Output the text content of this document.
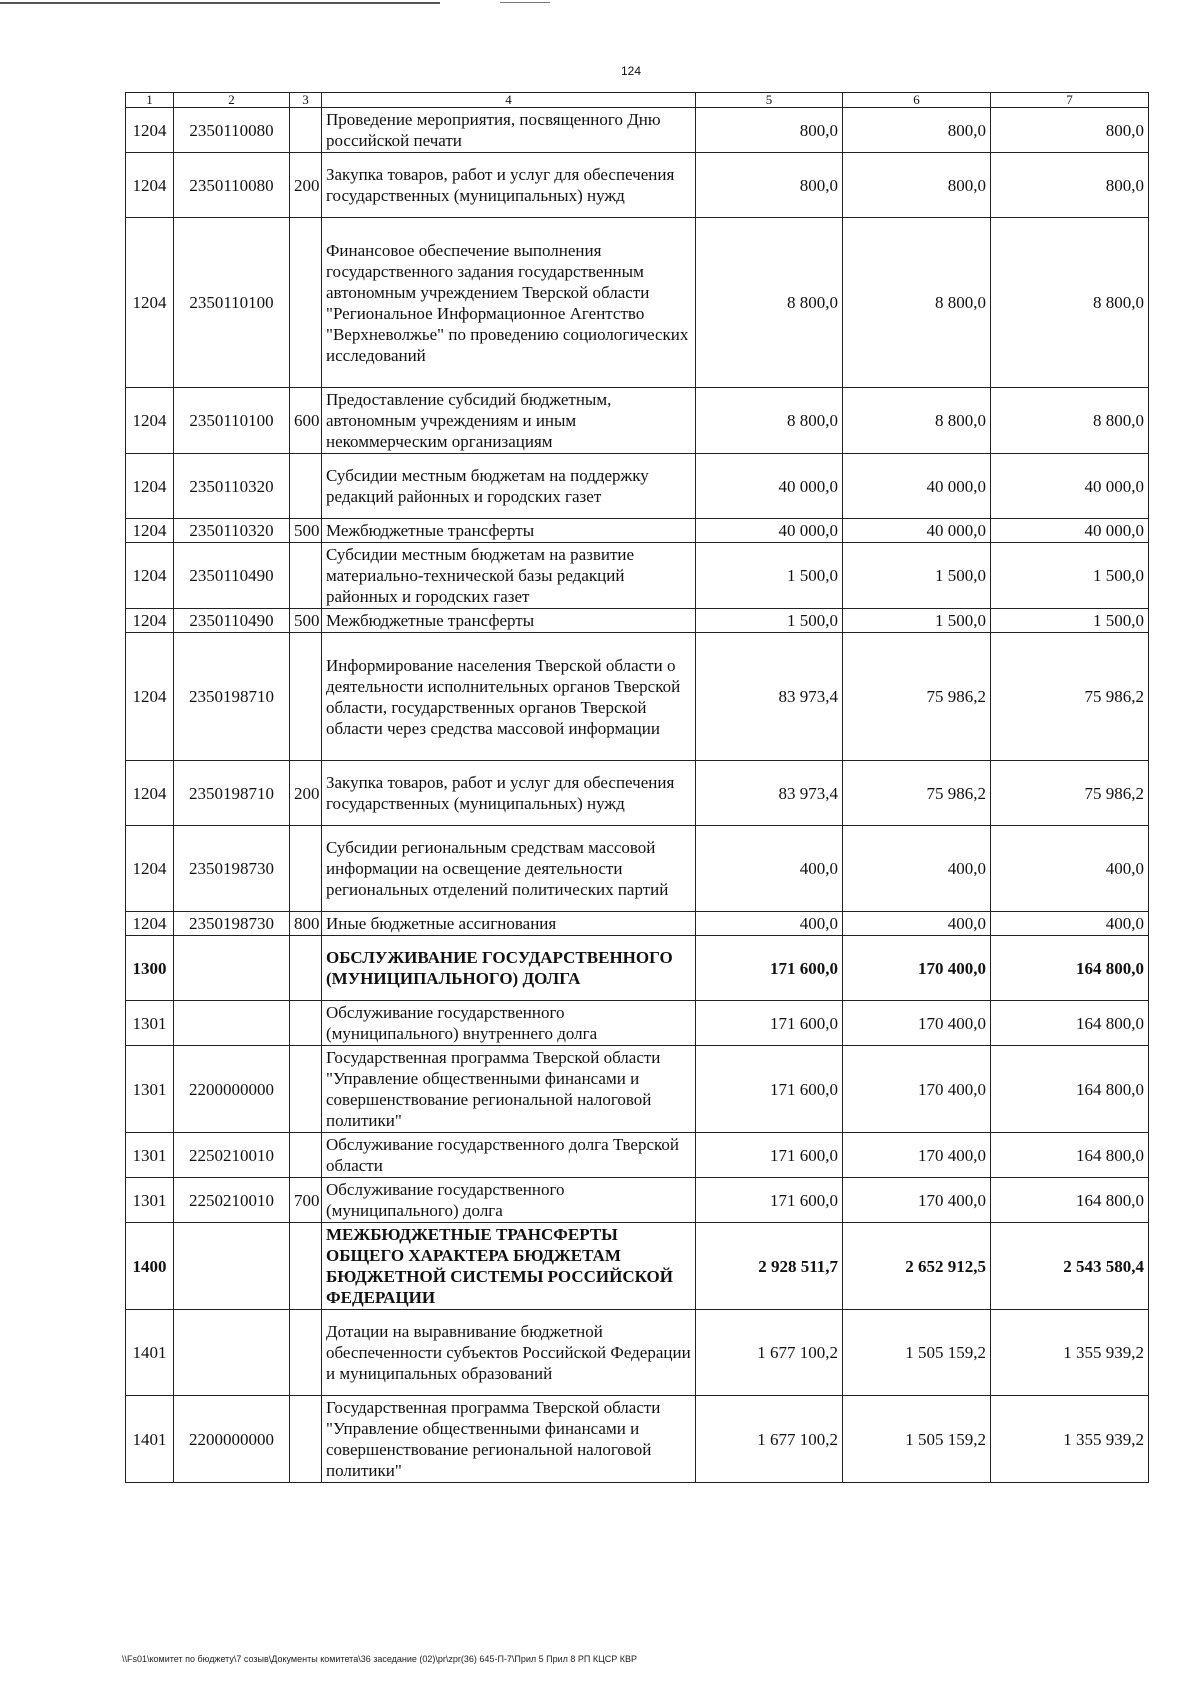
124
1	2	3	4	5	6	7
1204	2350110080		Проведение мероприятия, посвященного Дню российской печати	800,0	800,0	800,0
1204	2350110080	200	Закупка товаров, работ и услуг для обеспечения государственных (муниципальных) нужд	800,0	800,0	800,0
1204	2350110100		Финансовое обеспечение выполнения государственного задания государственным автономным учреждением Тверской области "Региональное Информационное Агентство "Верхневолжье" по проведению социологических исследований	8 800,0	8 800,0	8 800,0
1204	2350110100	600	Предоставление субсидий бюджетным, автономным учреждениям и иным некоммерческим организациям	8 800,0	8 800,0	8 800,0
1204	2350110320		Субсидии местным бюджетам на поддержку редакций районных и городских газет	40 000,0	40 000,0	40 000,0
1204	2350110320	500	Межбюджетные трансферты	40 000,0	40 000,0	40 000,0
1204	2350110490		Субсидии местным бюджетам на развитие материально-технической базы редакций районных и городских газет	1 500,0	1 500,0	1 500,0
1204	2350110490	500	Межбюджетные трансферты	1 500,0	1 500,0	1 500,0
1204	2350198710		Информирование населения Тверской области о деятельности исполнительных органов Тверской области, государственных органов Тверской области через средства массовой информации	83 973,4	75 986,2	75 986,2
1204	2350198710	200	Закупка товаров, работ и услуг для обеспечения государственных (муниципальных) нужд	83 973,4	75 986,2	75 986,2
1204	2350198730		Субсидии региональным средствам массовой информации на освещение деятельности региональных отделений политических партий	400,0	400,0	400,0
1204	2350198730	800	Иные бюджетные ассигнования	400,0	400,0	400,0
1300			ОБСЛУЖИВАНИЕ ГОСУДАРСТВЕННОГО (МУНИЦИПАЛЬНОГО) ДОЛГА	171 600,0	170 400,0	164 800,0
1301			Обслуживание государственного (муниципального) внутреннего долга	171 600,0	170 400,0	164 800,0
1301	2200000000		Государственная программа Тверской области "Управление общественными финансами и совершенствование региональной налоговой политики"	171 600,0	170 400,0	164 800,0
1301	2250210010		Обслуживание государственного долга Тверской области	171 600,0	170 400,0	164 800,0
1301	2250210010	700	Обслуживание государственного (муниципального) долга	171 600,0	170 400,0	164 800,0
1400			МЕЖБЮДЖЕТНЫЕ ТРАНСФЕРТЫ ОБЩЕГО ХАРАКТЕРА БЮДЖЕТАМ БЮДЖЕТНОЙ СИСТЕМЫ РОССИЙСКОЙ ФЕДЕРАЦИИ	2 928 511,7	2 652 912,5	2 543 580,4
1401			Дотации на выравнивание бюджетной обеспеченности субъектов Российской Федерации и муниципальных образований	1 677 100,2	1 505 159,2	1 355 939,2
1401	2200000000		Государственная программа Тверской области "Управление общественными финансами и совершенствование региональной налоговой политики"	1 677 100,2	1 505 159,2	1 355 939,2
\\Fs01\комитет по бюджету\7 созыв\Документы комитета\36 заседание (02)\pr\zpr(36) 645-П-7\Прил 5 Прил 8 РП КЦСР КВР
